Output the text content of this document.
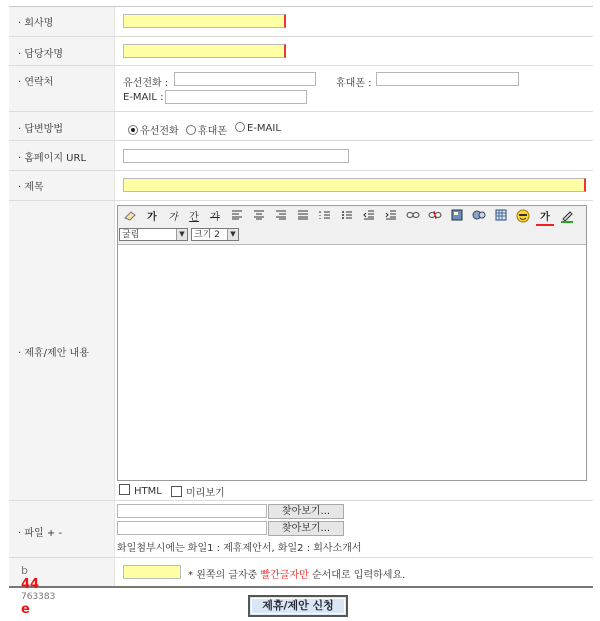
· 회사명
· 담당자명
· 연락처	유선전화 :	휴대폰 :
E-MAIL :
· 답변방법	유선전화	휴대폰	E-MAIL
· 홈페이지 URL
· 제목
· 제휴/제안 내용
가	가	간	가	가
굴림	▼	크기 2	▼
HTML	미리보기
· 파일 + -
찾아보기...
찾아보기...
화일첨부시에는 화일1 : 제휴제안서, 화일2 : 회사소개서
b
44
763383
e
* 왼쪽의 글자중 빨간글자만 순서대로 입력하세요.
제휴/제안 신청
